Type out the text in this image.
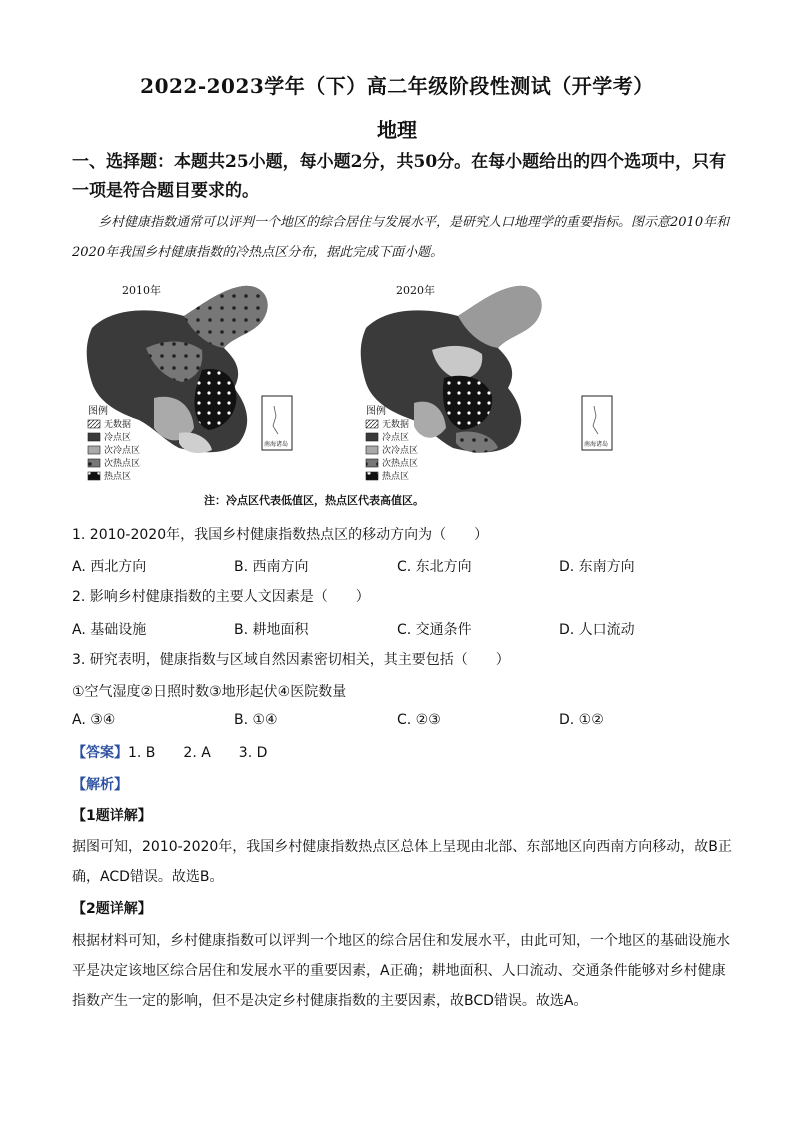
2022-2023学年（下）高二年级阶段性测试（开学考）
地理
一、选择题：本题共25小题，每小题2分，共50分。在每小题给出的四个选项中，只有一项是符合题目要求的。
乡村健康指数通常可以评判一个地区的综合居住与发展水平，是研究人口地理学的重要指标。图示意2010年和2020年我国乡村健康指数的冷热点区分布，据此完成下面小题。
2010年
南海诸岛
图例
无数据
冷点区
次冷点区
次热点区
热点区
2020年
南海诸岛
图例
无数据
冷点区
次冷点区
次热点区
热点区
注：冷点区代表低值区，热点区代表高值区。
1. 2010-2020年，我国乡村健康指数热点区的移动方向为（　　）
A. 西北方向	B. 西南方向	C. 东北方向	D. 东南方向
2. 影响乡村健康指数的主要人文因素是（　　）
A. 基础设施	B. 耕地面积	C. 交通条件	D. 人口流动
3. 研究表明，健康指数与区域自然因素密切相关，其主要包括（　　）
①空气湿度②日照时数③地形起伏④医院数量
A. ③④	B. ①④	C. ②③	D. ①②
【答案】1. B　　2. A　　3. D
【解析】
【1题详解】
据图可知，2010-2020年，我国乡村健康指数热点区总体上呈现由北部、东部地区向西南方向移动，故B正确，ACD错误。故选B。
【2题详解】
根据材料可知，乡村健康指数可以评判一个地区的综合居住和发展水平，由此可知，一个地区的基础设施水平是决定该地区综合居住和发展水平的重要因素，A正确；耕地面积、人口流动、交通条件能够对乡村健康指数产生一定的影响，但不是决定乡村健康指数的主要因素，故BCD错误。故选A。
